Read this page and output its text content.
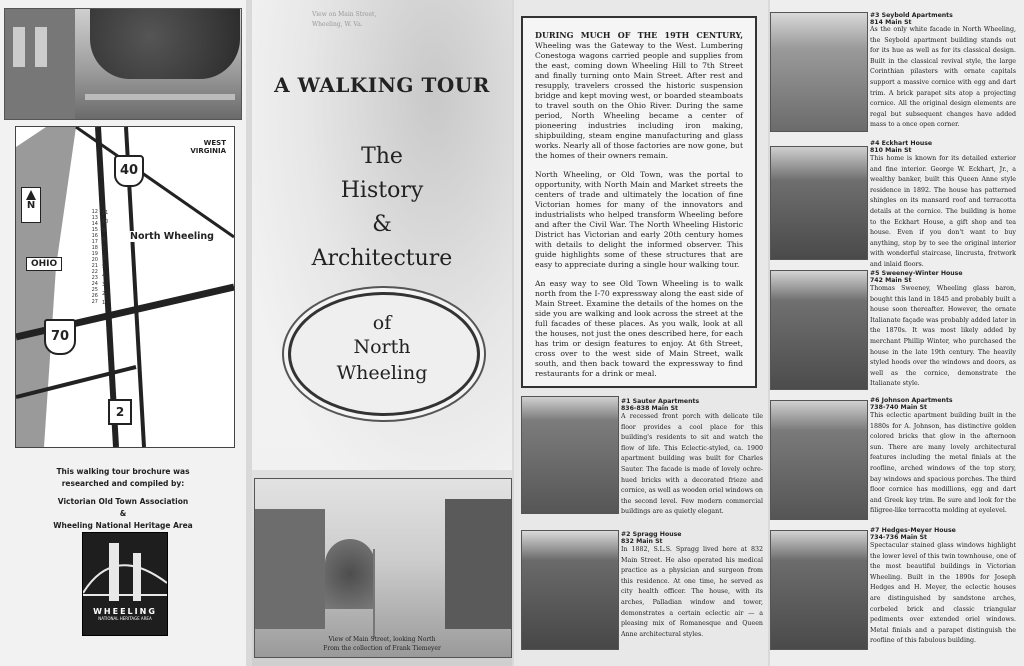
WEST VIRGINIA
40
N
12
13
14
15
16
17
18
19
20
21
22
23
24
25
26
27
11
10
9
8
7
6
5
4
3
2
1
North Wheeling
OHIO
70
2
This walking tour brochure was
researched and compiled by:
Victorian Old Town Association
&
Wheeling National Heritage Area
WHEELING
NATIONAL HERITAGE AREA
View on Main Street, Wheeling, W. Va.
A WALKING TOUR
The
History
&
Architecture
of
North
Wheeling
View of Main Street, looking North
From the collection of Frank Tiemeyer

DURING MUCH OF THE 19TH CENTURY, Wheeling was the Gateway to the West. Lumbering Conestoga wagons carried people and supplies from the east, coming down Wheeling Hill to 7th Street and finally turning onto Main Street. After rest and resupply, travelers crossed the historic suspension bridge and kept moving west, or boarded steamboats to travel south on the Ohio River. During the same period, North Wheeling became a center of pioneering industries including iron making, shipbuilding, steam engine manufacturing and glass works. Nearly all of those factories are now gone, but the homes of their owners remain.

North Wheeling, or Old Town, was the portal to opportunity, with North Main and Market streets the centers of trade and ultimately the location of fine Victorian homes for many of the innovators and industrialists who helped transform Wheeling before and after the Civil War. The North Wheeling Historic District has Victorian and early 20th century homes with details to delight the informed observer. This guide highlights some of these structures that are easy to appreciate during a single hour walking tour.

An easy way to see Old Town Wheeling is to walk north from the I-70 expressway along the east side of Main Street. Examine the details of the homes on the side you are walking and look across the street at the full facades of these places. As you walk, look at all the houses, not just the ones described here, for each has trim or design features to enjoy. At 6th Street, cross over to the west side of Main Street, walk south, and then back toward the expressway to find restaurants for a drink or meal.

#1 Sauter Apartments
836-838 Main St
A recessed front porch with delicate tile floor provides a cool place for this building's residents to sit and watch the flow of life. This Eclectic-styled, ca. 1900 apartment building was built for Charles Sauter. The facade is made of lovely ochre-hued bricks with a decorated frieze and cornice, as well as wooden oriel windows on the second level. Few modern commercial buildings are as quietly elegant.
#2 Spragg House
832 Main St
In 1882, S.L.S. Spragg lived here at 832 Main Street. He also operated his medical practice as a physician and surgeon from this residence. At one time, he served as city health officer. The house, with its arches, Palladian window and tower, demonstrates a certain eclectic air — a pleasing mix of Romanesque and Queen Anne architectural styles.
#3 Seybold Apartments
814 Main St
As the only white facade in North Wheeling, the Seybold apartment building stands out for its hue as well as for its classical design. Built in the classical revival style, the large Corinthian pilasters with ornate capitals support a massive cornice with egg and dart trim. A brick parapet sits atop a projecting cornice. All the original design elements are regal but subsequent changes have added mass to a once open corner.
#4 Eckhart House
810 Main St
This home is known for its detailed exterior and fine interior. George W. Eckhart, Jr., a wealthy banker, built this Queen Anne style residence in 1892. The house has patterned shingles on its mansard roof and terracotta details at the cornice. The building is home to the Eckhart House, a gift shop and tea house. Even if you don't want to buy anything, stop by to see the original interior with wonderful staircase, lincrusta, fretwork and inlaid floors.
#5 Sweeney-Winter House
742 Main St
Thomas Sweeney, Wheeling glass baron, bought this land in 1845 and probably built a house soon thereafter. However, the ornate Italianate façade was probably added later in the 1870s. It was most likely added by merchant Phillip Winter, who purchased the house in the late 19th century. The heavily styled hoods over the windows and doors, as well as the cornice, demonstrate the Italianate style.
#6 Johnson Apartments
738-740 Main St
This eclectic apartment building built in the 1880s for A. Johnson, has distinctive golden colored bricks that glow in the afternoon sun. There are many lovely architectural features including the metal finials at the roofline, arched windows of the top story, bay windows and spacious porches. The third floor cornice has modillions, egg and dart and Greek key trim. Be sure and look for the filigree-like terracotta molding at eyelevel.
#7 Hedges-Meyer House
734-736 Main St
Spectacular stained glass windows highlight the lower level of this twin townhouse, one of the most beautiful buildings in Victorian Wheeling. Built in the 1890s for Joseph Hedges and H. Meyer, the eclectic houses are distinguished by sandstone arches, corbeled brick and classic triangular pediments over extended oriel windows. Metal finials and a parapet distinguish the roofline of this fabulous building.
